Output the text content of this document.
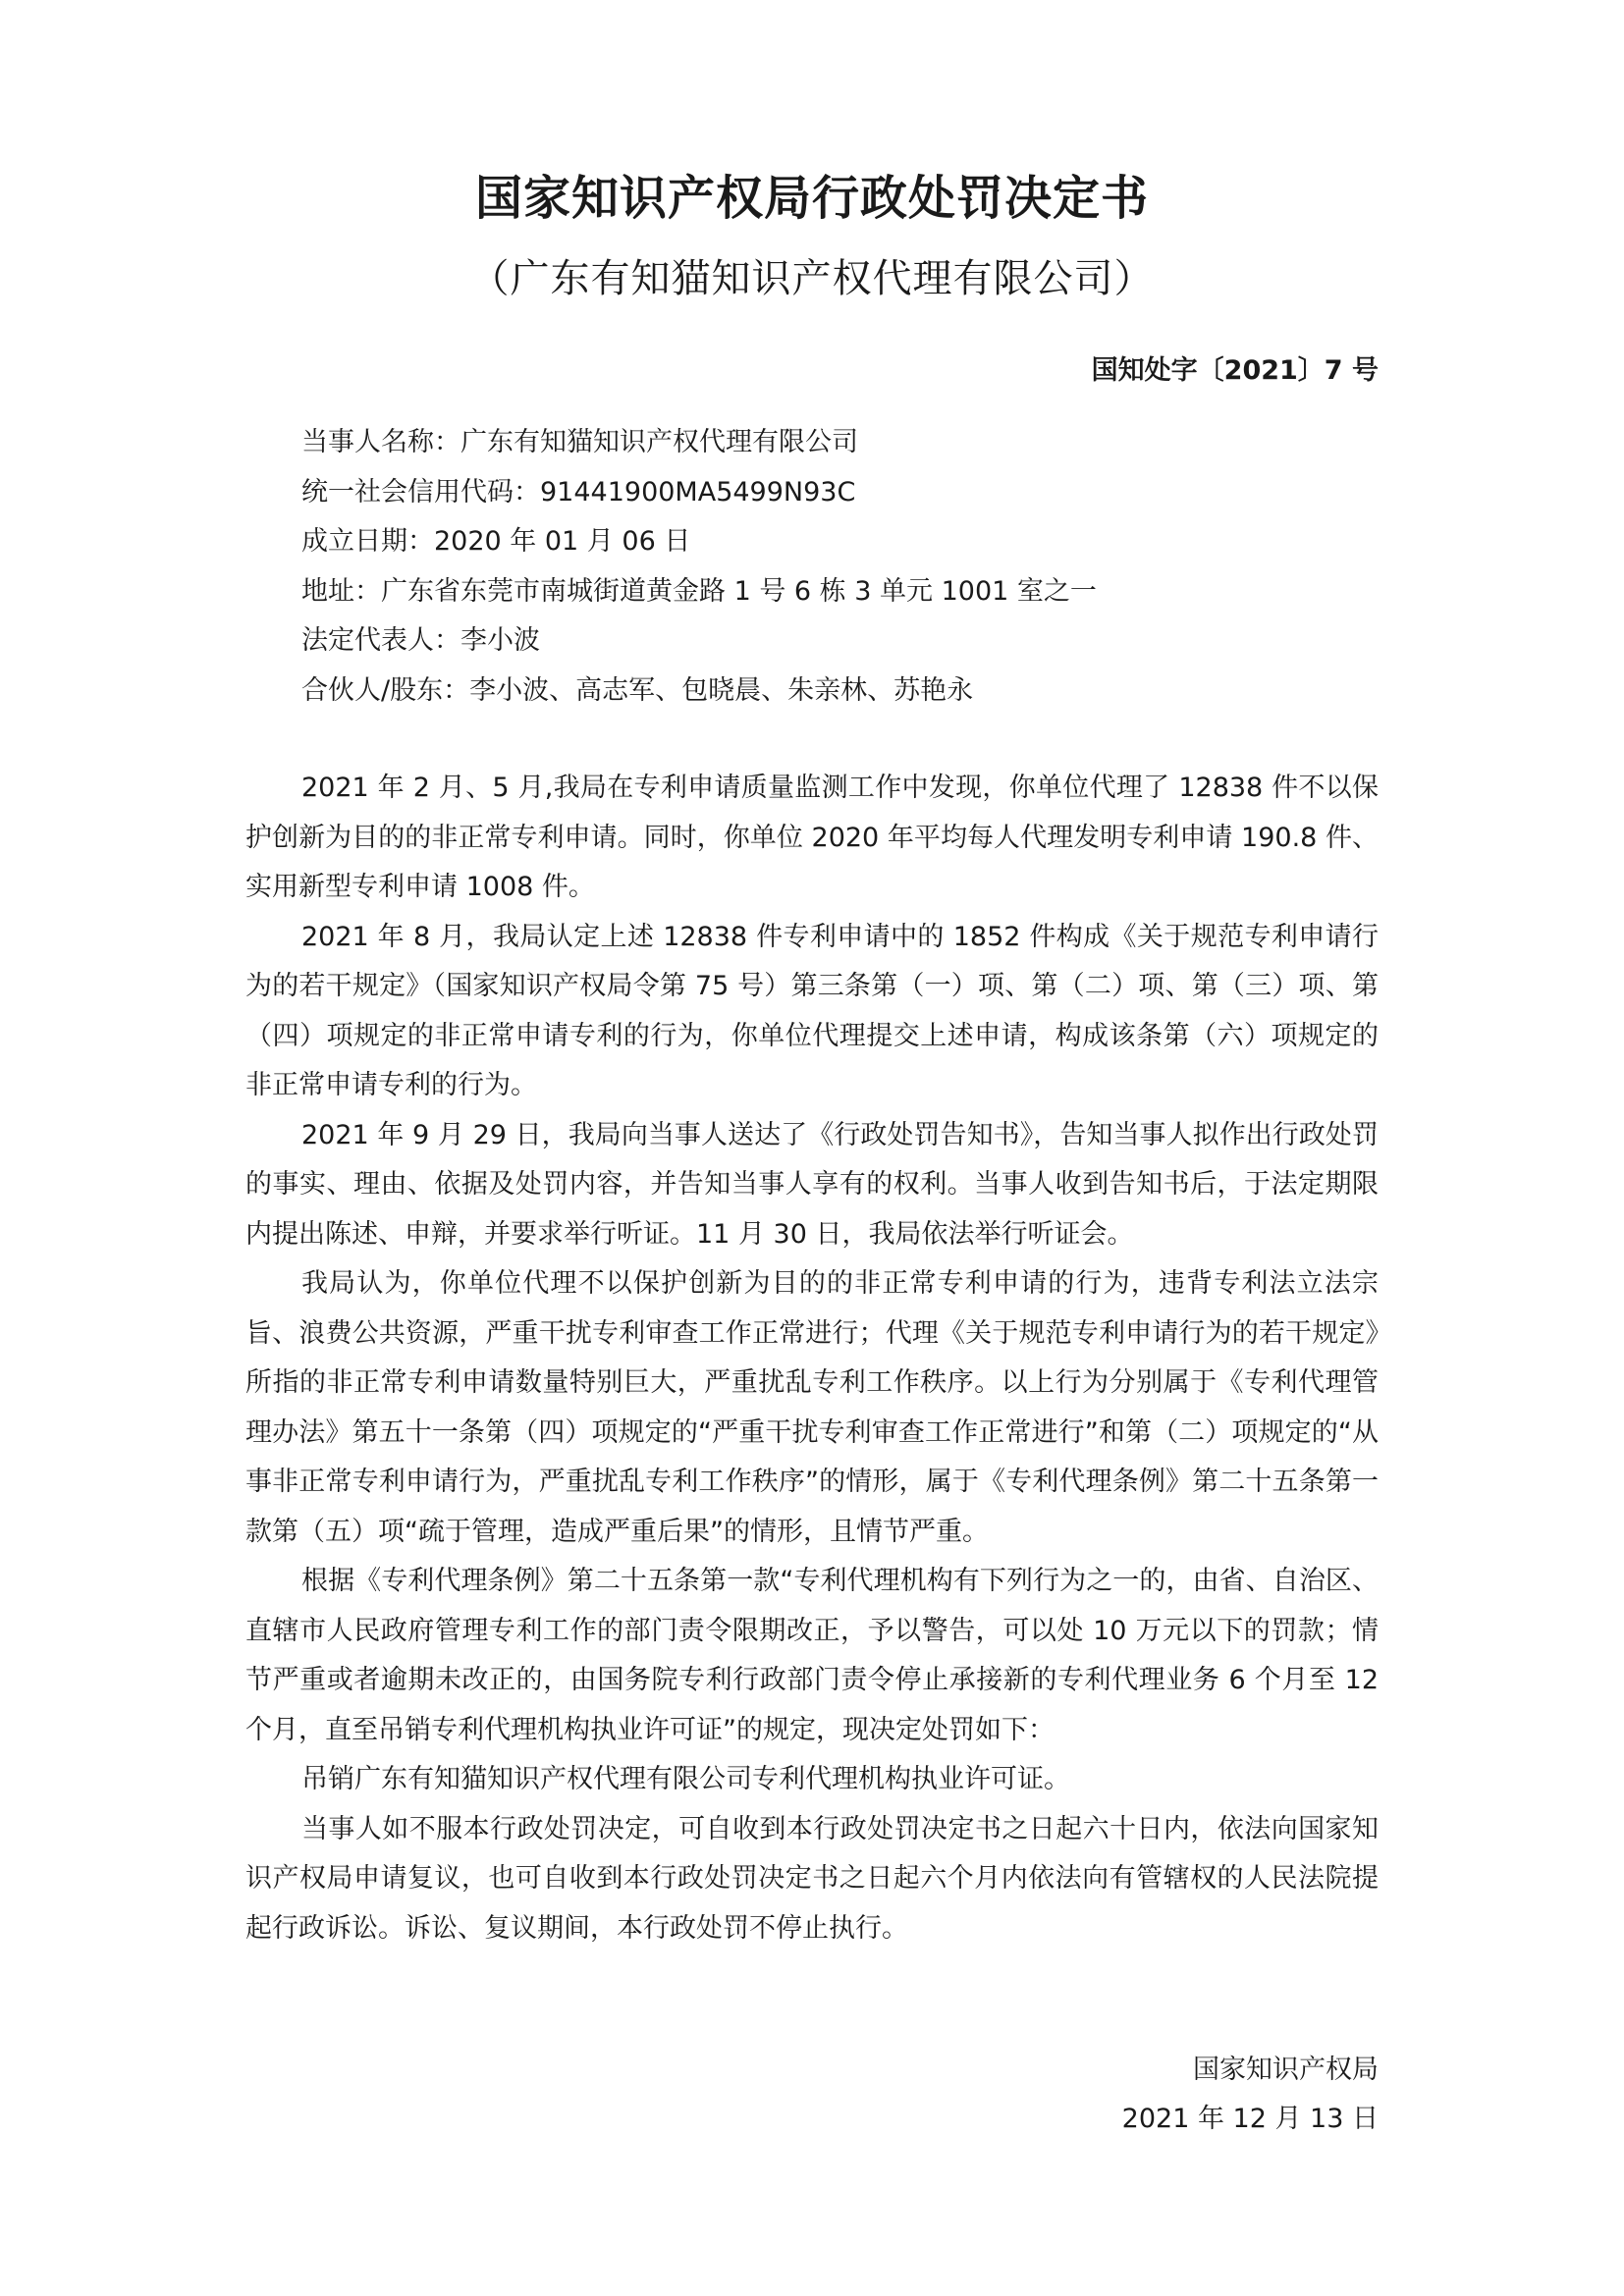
国家知识产权局行政处罚决定书
（广东有知猫知识产权代理有限公司）
国知处字〔2021〕7 号
当事人名称：广东有知猫知识产权代理有限公司
统一社会信用代码：91441900MA5499N93C
成立日期：2020 年 01 月 06 日
地址：广东省东莞市南城街道黄金路 1 号 6 栋 3 单元 1001 室之一
法定代表人：李小波
合伙人/股东：李小波、高志军、包晓晨、朱亲林、苏艳永

2021 年 2 月、5 月,我局在专利申请质量监测工作中发现，你单位代理了 12838 件不以保护创新为目的的非正常专利申请。同时，你单位 2020 年平均每人代理发明专利申请 190.8 件、实用新型专利申请 1008 件。

2021 年 8 月，我局认定上述 12838 件专利申请中的 1852 件构成《关于规范专利申请行为的若干规定》（国家知识产权局令第 75 号）第三条第（一）项、第（二）项、第（三）项、第（四）项规定的非正常申请专利的行为，你单位代理提交上述申请，构成该条第（六）项规定的非正常申请专利的行为。

2021 年 9 月 29 日，我局向当事人送达了《行政处罚告知书》，告知当事人拟作出行政处罚的事实、理由、依据及处罚内容，并告知当事人享有的权利。当事人收到告知书后，于法定期限内提出陈述、申辩，并要求举行听证。11 月 30 日，我局依法举行听证会。

我局认为，你单位代理不以保护创新为目的的非正常专利申请的行为，违背专利法立法宗旨、浪费公共资源，严重干扰专利审查工作正常进行；代理《关于规范专利申请行为的若干规定》所指的非正常专利申请数量特别巨大，严重扰乱专利工作秩序。以上行为分别属于《专利代理管理办法》第五十一条第（四）项规定的“严重干扰专利审查工作正常进行”和第（二）项规定的“从事非正常专利申请行为，严重扰乱专利工作秩序”的情形，属于《专利代理条例》第二十五条第一款第（五）项“疏于管理，造成严重后果”的情形，且情节严重。

根据《专利代理条例》第二十五条第一款“专利代理机构有下列行为之一的，由省、自治区、直辖市人民政府管理专利工作的部门责令限期改正，予以警告，可以处 10 万元以下的罚款；情节严重或者逾期未改正的，由国务院专利行政部门责令停止承接新的专利代理业务 6 个月至 12 个月，直至吊销专利代理机构执业许可证”的规定，现决定处罚如下：

吊销广东有知猫知识产权代理有限公司专利代理机构执业许可证。

当事人如不服本行政处罚决定，可自收到本行政处罚决定书之日起六十日内，依法向国家知识产权局申请复议，也可自收到本行政处罚决定书之日起六个月内依法向有管辖权的人民法院提起行政诉讼。诉讼、复议期间，本行政处罚不停止执行。

国家知识产权局
2021 年 12 月 13 日
